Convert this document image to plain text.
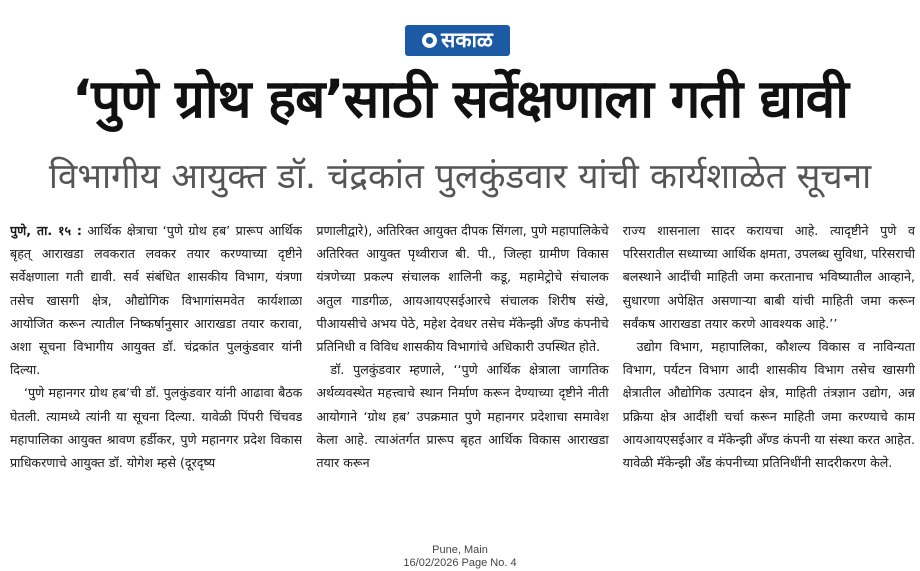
सकाळ
‘पुणे ग्रोथ हब’साठी सर्वेक्षणाला गती द्यावी
विभागीय आयुक्त डॉ. चंद्रकांत पुलकुंडवार यांची कार्यशाळेत सूचना

पुणे, ता. १५ : आर्थिक क्षेत्राचा ‘पुणे ग्रोथ हब’ प्रारूप आर्थिक बृहत्‌ आराखडा लवकरात लवकर तयार करण्याच्या दृष्टीने सर्वेक्षणाला गती द्यावी. सर्व संबंधित शासकीय विभाग, यंत्रणा तसेच खासगी क्षेत्र, औद्योगिक विभागांसमवेत कार्यशाळा आयोजित करून त्यातील निष्कर्षानुसार आराखडा तयार करावा, अशा सूचना विभागीय आयुक्त डॉ. चंद्रकांत पुलकुंडवार यांनी दिल्या.

‘पुणे महानगर ग्रोथ हब’ची डॉ. पुलकुंडवार यांनी आढावा बैठक घेतली. त्यामध्ये त्यांनी या सूचना दिल्या. यावेळी पिंपरी चिंचवड महापालिका आयुक्त श्रावण हर्डीकर, पुणे महानगर प्रदेश विकास प्राधिकरणाचे आयुक्त डॉ. योगेश म्हसे (दूरदृष्य

प्रणालीद्वारे), अतिरिक्त आयुक्त दीपक सिंगला, पुणे महापालिकेचे अतिरिक्त आयुक्त पृथ्वीराज बी. पी., जिल्हा ग्रामीण विकास यंत्रणेच्या प्रकल्प संचालक शालिनी कडू, महामेट्रोचे संचालक अतुल गाडगीळ, आयआयएसईआरचे संचालक शिरीष संखे, पीआयसीचे अभय पेठे, महेश देवधर तसेच मॅकेन्झी अँण्ड कंपनीचे प्रतिनिधी व विविध शासकीय विभागांचे अधिकारी उपस्थित होते.

डॉ. पुलकुंडवार म्हणाले, ‘‘पुणे आर्थिक क्षेत्राला जागतिक अर्थव्यवस्थेत महत्त्वाचे स्थान निर्माण करून देण्याच्या दृष्टीने नीती आयोगाने ‘ग्रोथ हब’ उपक्रमात पुणे महानगर प्रदेशाचा समावेश केला आहे. त्याअंतर्गत प्रारूप बृहत आर्थिक विकास आराखडा तयार करून

राज्य शासनाला सादर करायचा आहे. त्यादृष्टीने पुणे व परिसरातील सध्याच्या आर्थिक क्षमता, उपलब्ध सुविधा, परिसराची बलस्थाने आदींची माहिती जमा करतानाच भविष्यातील आव्हाने, सुधारणा अपेक्षित असणाऱ्या बाबी यांची माहिती जमा करून सर्वंकष आराखडा तयार करणे आवश्यक आहे.’’

उद्योग विभाग, महापालिका, कौशल्य विकास व नाविन्यता विभाग, पर्यटन विभाग आदी शासकीय विभाग तसेच खासगी क्षेत्रातील औद्योगिक उत्पादन क्षेत्र, माहिती तंत्रज्ञान उद्योग, अन्न प्रक्रिया क्षेत्र आदींशी चर्चा करून माहिती जमा करण्याचे काम आयआयएसईआर व मॅकेन्झी अँण्ड कंपनी या संस्था करत आहेत. यावेळी मॅकेन्झी अँड कंपनीच्या प्रतिनिधींनी सादरीकरण केले.

Pune, Main
16/02/2026 Page No. 4
